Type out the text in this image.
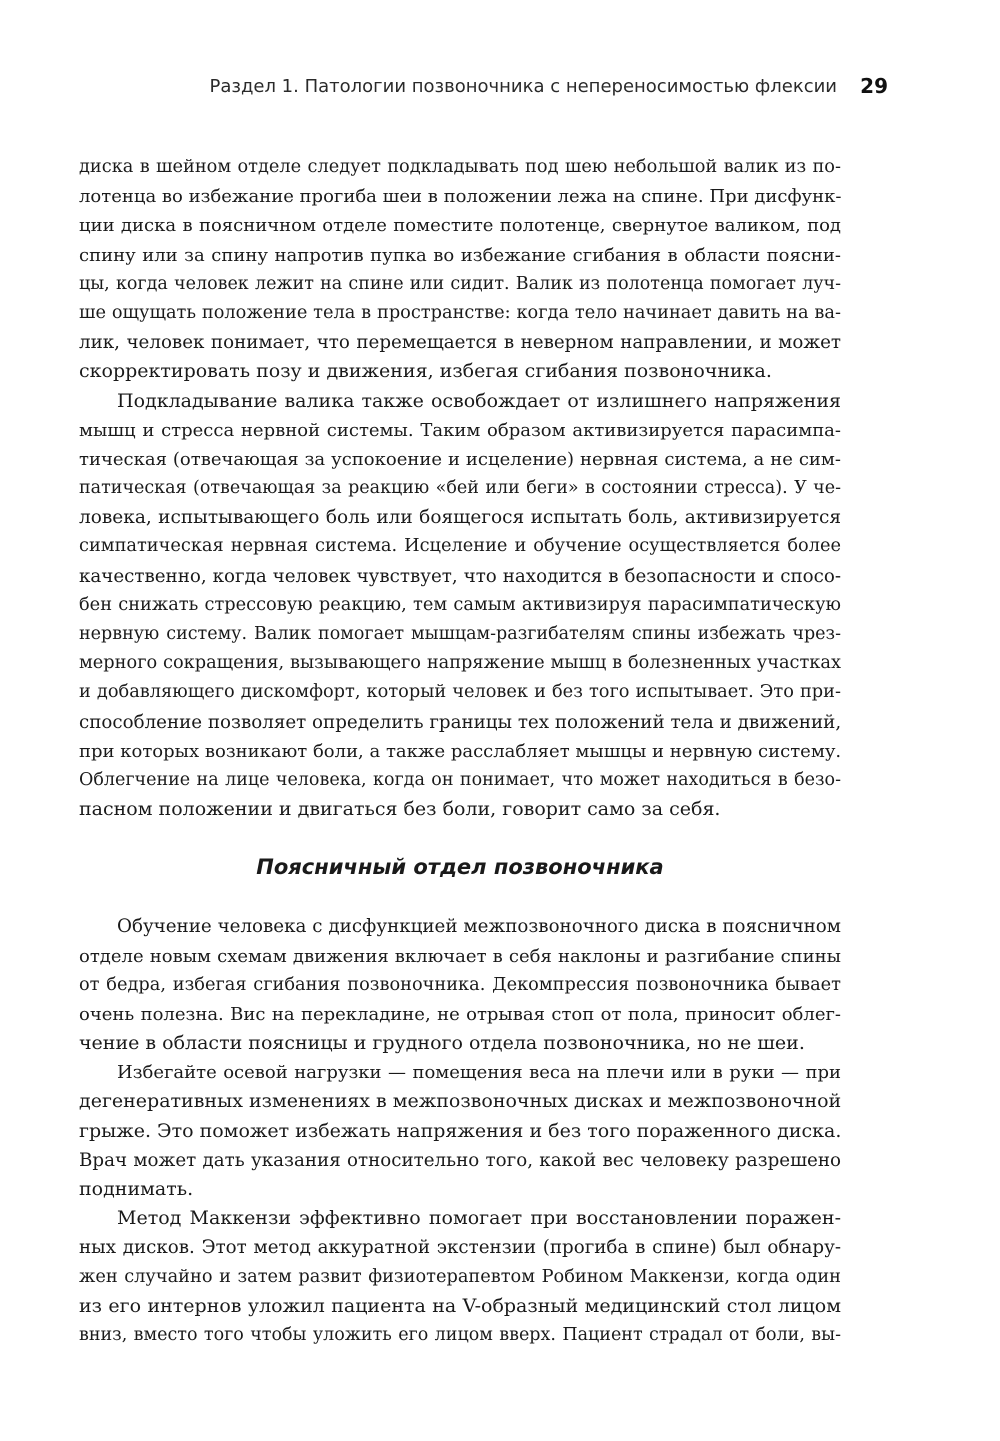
Раздел 1. Патологии позвоночника с непереносимостью флексии 29
диска в шейном отделе следует подкладывать под шею небольшой валик из по-
лотенца во избежание прогиба шеи в положении лежа на спине. При дисфунк-
ции диска в поясничном отделе поместите полотенце, свернутое валиком, под
спину или за спину напротив пупка во избежание сгибания в области поясни-
цы, когда человек лежит на спине или сидит. Валик из полотенца помогает луч-
ше ощущать положение тела в пространстве: когда тело начинает давить на ва-
лик, человек понимает, что перемещается в неверном направлении, и может
скорректировать позу и движения, избегая сгибания позвоночника.
Подкладывание валика также освобождает от излишнего напряжения
мышц и стресса нервной системы. Таким образом активизируется парасимпа-
тическая (отвечающая за успокоение и исцеление) нервная система, а не сим-
патическая (отвечающая за реакцию «бей или беги» в состоянии стресса). У че-
ловека, испытывающего боль или боящегося испытать боль, активизируется
симпатическая нервная система. Исцеление и обучение осуществляется более
качественно, когда человек чувствует, что находится в безопасности и спосо-
бен снижать стрессовую реакцию, тем самым активизируя парасимпатическую
нервную систему. Валик помогает мышцам-разгибателям спины избежать чрез-
мерного сокращения, вызывающего напряжение мышц в болезненных участках
и добавляющего дискомфорт, который человек и без того испытывает. Это при-
способление позволяет определить границы тех положений тела и движений,
при которых возникают боли, а также расслабляет мышцы и нервную систему.
Облегчение на лице человека, когда он понимает, что может находиться в безо-
пасном положении и двигаться без боли, говорит само за себя.
Поясничный отдел позвоночника
Обучение человека с дисфункцией межпозвоночного диска в поясничном
отделе новым схемам движения включает в себя наклоны и разгибание спины
от бедра, избегая сгибания позвоночника. Декомпрессия позвоночника бывает
очень полезна. Вис на перекладине, не отрывая стоп от пола, приносит облег-
чение в области поясницы и грудного отдела позвоночника, но не шеи.
Избегайте осевой нагрузки — помещения веса на плечи или в руки — при
дегенеративных изменениях в межпозвоночных дисках и межпозвоночной
грыже. Это поможет избежать напряжения и без того пораженного диска.
Врач может дать указания относительно того, какой вес человеку разрешено
поднимать.
Метод Маккензи эффективно помогает при восстановлении поражен-
ных дисков. Этот метод аккуратной экстензии (прогиба в спине) был обнару-
жен случайно и затем развит физиотерапевтом Робином Маккензи, когда один
из его интернов уложил пациента на V-образный медицинский стол лицом
вниз, вместо того чтобы уложить его лицом вверх. Пациент страдал от боли, вы-
